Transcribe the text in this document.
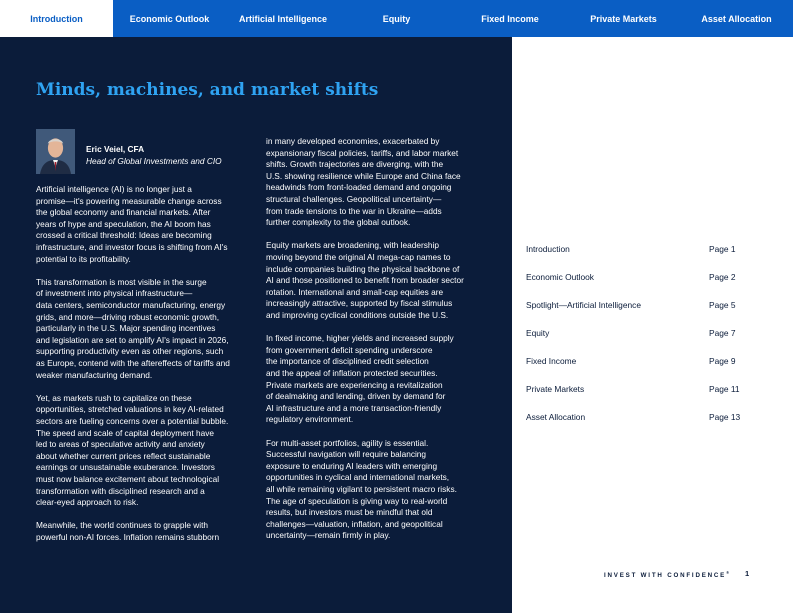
Introduction	Economic Outlook	Artificial Intelligence	Equity	Fixed Income	Private Markets	Asset Allocation
Minds, machines, and market shifts
Eric Veiel, CFA
Head of Global Investments and CIO
Artificial intelligence (AI) is no longer just a
promise—it's powering measurable change across
the global economy and financial markets. After
years of hype and speculation, the AI boom has
crossed a critical threshold: Ideas are becoming
infrastructure, and investor focus is shifting from AI's
potential to its profitability.
This transformation is most visible in the surge
of investment into physical infrastructure—
data centers, semiconductor manufacturing, energy
grids, and more—driving robust economic growth,
particularly in the U.S. Major spending incentives
and legislation are set to amplify AI's impact in 2026,
supporting productivity even as other regions, such
as Europe, contend with the aftereffects of tariffs and
weaker manufacturing demand.
Yet, as markets rush to capitalize on these
opportunities, stretched valuations in key AI-related
sectors are fueling concerns over a potential bubble.
The speed and scale of capital deployment have
led to areas of speculative activity and anxiety
about whether current prices reflect sustainable
earnings or unsustainable exuberance. Investors
must now balance excitement about technological
transformation with disciplined research and a
clear-eyed approach to risk.
Meanwhile, the world continues to grapple with
powerful non-AI forces. Inflation remains stubborn
in many developed economies, exacerbated by
expansionary fiscal policies, tariffs, and labor market
shifts. Growth trajectories are diverging, with the
U.S. showing resilience while Europe and China face
headwinds from front-loaded demand and ongoing
structural challenges. Geopolitical uncertainty—
from trade tensions to the war in Ukraine—adds
further complexity to the global outlook.
Equity markets are broadening, with leadership
moving beyond the original AI mega-cap names to
include companies building the physical backbone of
AI and those positioned to benefit from broader sector
rotation. International and small-cap equities are
increasingly attractive, supported by fiscal stimulus
and improving cyclical conditions outside the U.S.
In fixed income, higher yields and increased supply
from government deficit spending underscore
the importance of disciplined credit selection
and the appeal of inflation protected securities.
Private markets are experiencing a revitalization
of dealmaking and lending, driven by demand for
AI infrastructure and a more transaction-friendly
regulatory environment.
For multi-asset portfolios, agility is essential.
Successful navigation will require balancing
exposure to enduring AI leaders with emerging
opportunities in cyclical and international markets,
all while remaining vigilant to persistent macro risks.
The age of speculation is giving way to real-world
results, but investors must be mindful that old
challenges—valuation, inflation, and geopolitical
uncertainty—remain firmly in play.
Introduction	Page 1
Economic Outlook	Page 2
Spotlight—Artificial Intelligence	Page 5
Equity	Page 7
Fixed Income	Page 9
Private Markets	Page 11
Asset Allocation	Page 13
INVEST WITH CONFIDENCE® 1
